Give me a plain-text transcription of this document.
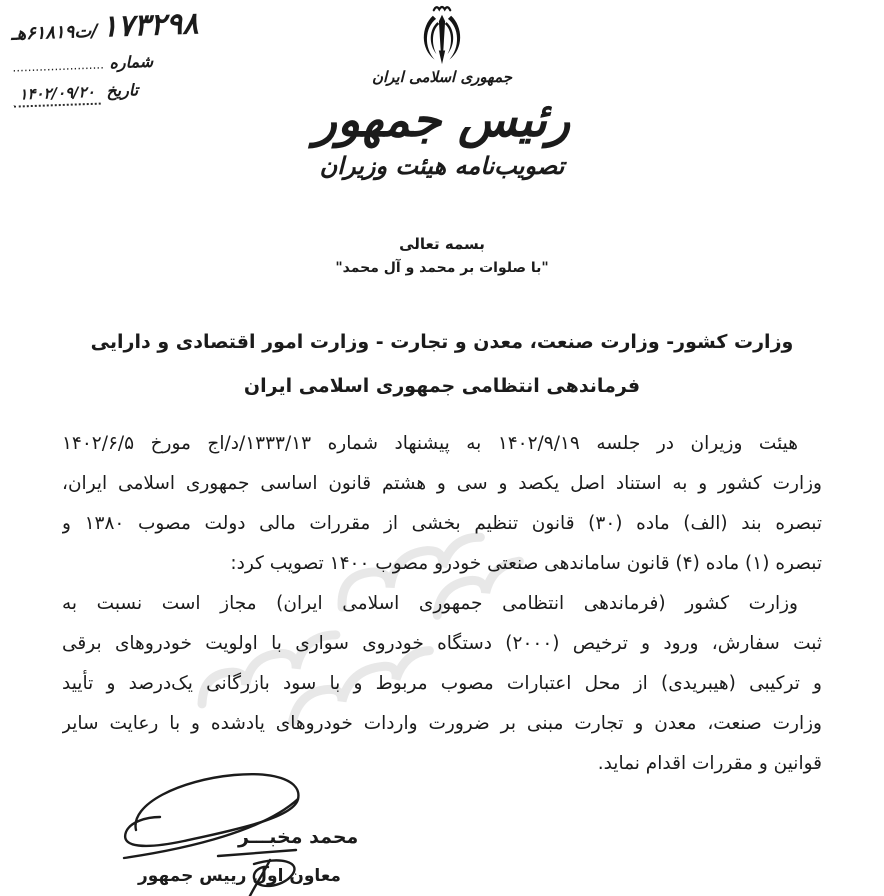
۱۷۳۲۹۸/ت۶۱۸۱۹هـ
شماره ........................
تاریخ ۱۴۰۲/۰۹/۲۰
جمهوری اسلامی ایران
رئیس جمهور
تصویب‌نامه هیئت وزیران
بسمه تعالی
"با صلوات بر محمد و آل محمد"
وزارت کشور- وزارت صنعت، معدن و تجارت - وزارت امور اقتصادی و دارایی
فرماندهی انتظامی جمهوری اسلامی ایران
هیئت وزیران در جلسه ۱۴۰۲/۹/۱۹ به پیشنهاد شماره ۱۳۳۳/۱۳/د/اج مورخ ۱۴۰۲/۶/۵
وزارت کشور و به استناد اصل یکصد و سی و هشتم قانون اساسی جمهوری اسلامی ایران،
تبصره بند (الف) ماده (۳۰) قانون تنظیم بخشی از مقررات مالی دولت مصوب ۱۳۸۰ و
تبصره (۱) ماده (۴) قانون ساماندهی صنعتی خودرو مصوب ۱۴۰۰ تصویب کرد:
وزارت کشور (فرماندهی انتظامی جمهوری اسلامی ایران) مجاز است نسبت به
ثبت سفارش، ورود و ترخیص (۲۰۰۰) دستگاه خودروی سواری با اولویت خودروهای برقی
و ترکیبی (هیبریدی) از محل اعتبارات مصوب مربوط و با سود بازرگانی یک‌درصد و تأیید
وزارت صنعت، معدن و تجارت مبنی بر ضرورت واردات خودروهای یادشده و با رعایت سایر
قوانین و مقررات اقدام نماید.
محمد مخبـــر
معاون اول رییس جمهور
